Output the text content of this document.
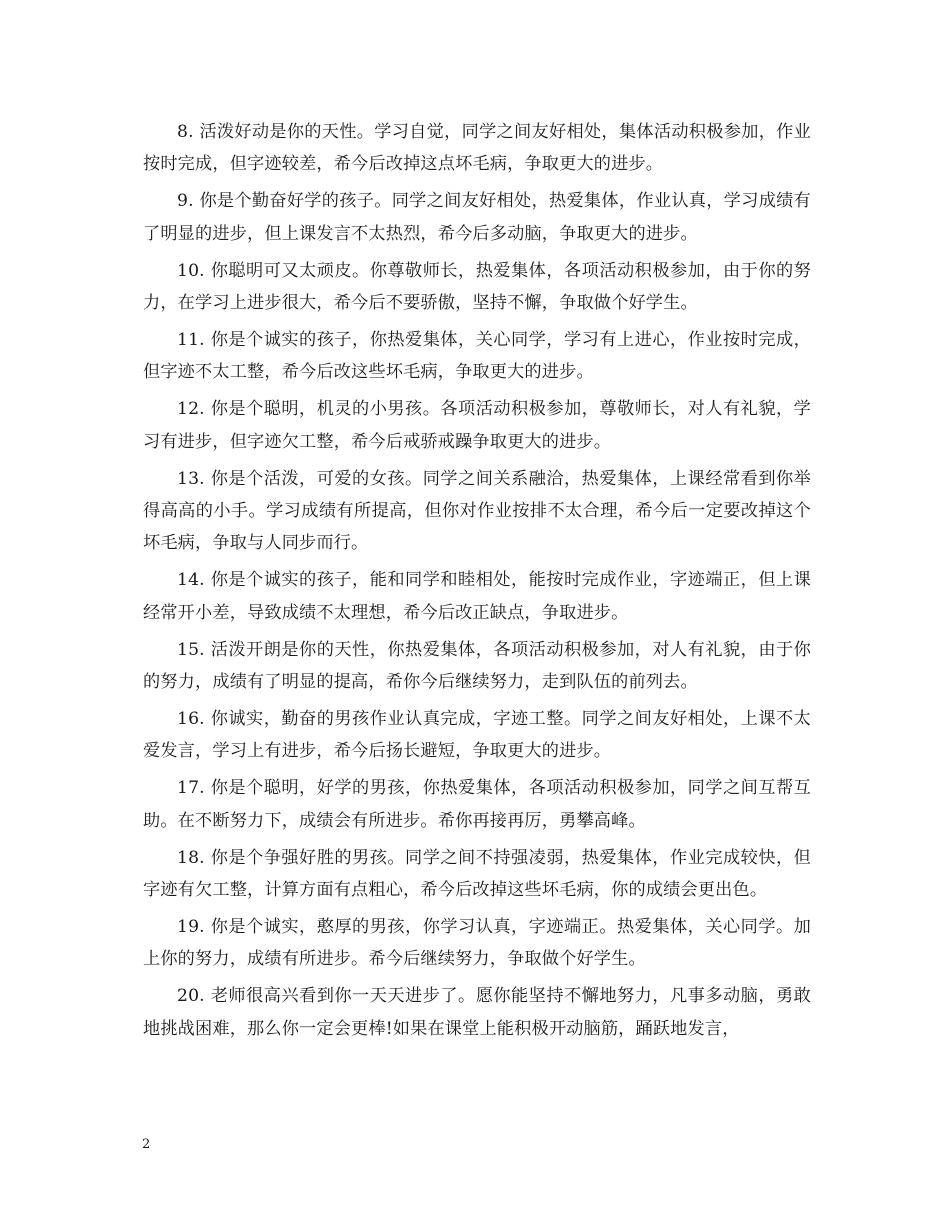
8. 活泼好动是你的天性。学习自觉，同学之间友好相处，集体活动积极参加，作业按时完成，但字迹较差，希今后改掉这点坏毛病，争取更大的进步。

9. 你是个勤奋好学的孩子。同学之间友好相处，热爱集体，作业认真，学习成绩有了明显的进步，但上课发言不太热烈，希今后多动脑，争取更大的进步。

10. 你聪明可又太顽皮。你尊敬师长，热爱集体，各项活动积极参加，由于你的努力，在学习上进步很大，希今后不要骄傲，坚持不懈，争取做个好学生。

11. 你是个诚实的孩子，你热爱集体，关心同学，学习有上进心，作业按时完成，但字迹不太工整，希今后改这些坏毛病，争取更大的进步。

12. 你是个聪明，机灵的小男孩。各项活动积极参加，尊敬师长，对人有礼貌，学习有进步，但字迹欠工整，希今后戒骄戒躁争取更大的进步。

13. 你是个活泼，可爱的女孩。同学之间关系融洽，热爱集体，上课经常看到你举得高高的小手。学习成绩有所提高，但你对作业按排不太合理，希今后一定要改掉这个坏毛病，争取与人同步而行。

14. 你是个诚实的孩子，能和同学和睦相处，能按时完成作业，字迹端正，但上课经常开小差，导致成绩不太理想，希今后改正缺点，争取进步。

15. 活泼开朗是你的天性，你热爱集体，各项活动积极参加，对人有礼貌，由于你的努力，成绩有了明显的提高，希你今后继续努力，走到队伍的前列去。

16. 你诚实，勤奋的男孩作业认真完成，字迹工整。同学之间友好相处，上课不太爱发言，学习上有进步，希今后扬长避短，争取更大的进步。

17. 你是个聪明，好学的男孩，你热爱集体，各项活动积极参加，同学之间互帮互助。在不断努力下，成绩会有所进步。希你再接再厉，勇攀高峰。

18. 你是个争强好胜的男孩。同学之间不持强凌弱，热爱集体，作业完成较快，但字迹有欠工整，计算方面有点粗心，希今后改掉这些坏毛病，你的成绩会更出色。

19. 你是个诚实，憨厚的男孩，你学习认真，字迹端正。热爱集体，关心同学。加上你的努力，成绩有所进步。希今后继续努力，争取做个好学生。

20. 老师很高兴看到你一天天进步了。愿你能坚持不懈地努力，凡事多动脑，勇敢地挑战困难，那么你一定会更棒!如果在课堂上能积极开动脑筋，踊跃地发言，

2
